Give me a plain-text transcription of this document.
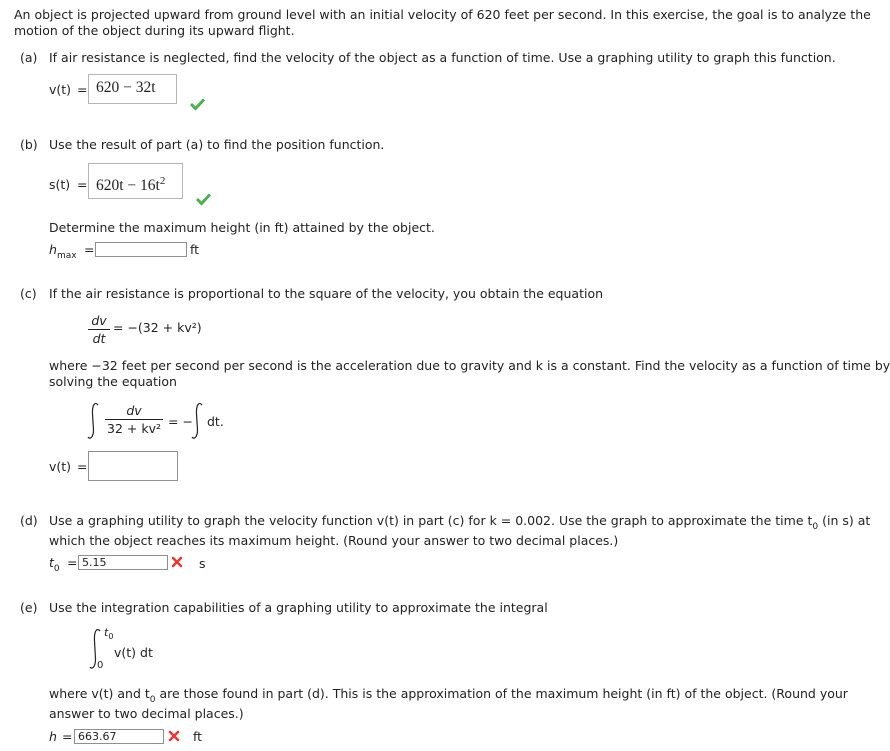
An object is projected upward from ground level with an initial velocity of 620 feet per second. In this exercise, the goal is to analyze the
motion of the object during its upward flight.
(a) If air resistance is neglected, find the velocity of the object as a function of time. Use a graphing utility to graph this function.
v(t) = 620 − 32t
(b) Use the result of part (a) to find the position function.
$s(t) = 620t - 16t^2$
Determine the maximum height (in ft) attained by the object.
$h_{max}$ =	ft
(c) If the air resistance is proportional to the square of the velocity, you obtain the equation
dv
dt
= −(32 + kv²)
where −32 feet per second per second is the acceleration due to gravity and k is a constant. Find the velocity as a function of time by
solving the equation
dv
32 + kv² = − dt.
v(t) =
(d) Use a graphing utility to graph the velocity function v(t) in part (c) for k = 0.002. Use the graph to approximate the time $t_0$ (in s) at
which the object reaches its maximum height. (Round your answer to two decimal places.)
$t_0 = 5.15$	s
(e) Use the integration capabilities of a graphing utility to approximate the integral
$t_0$
0
v(t) dt
where v(t) and $t_0$ are those found in part (d). This is the approximation of the maximum height (in ft) of the object. (Round your
answer to two decimal places.)
h = 663.67	ft
